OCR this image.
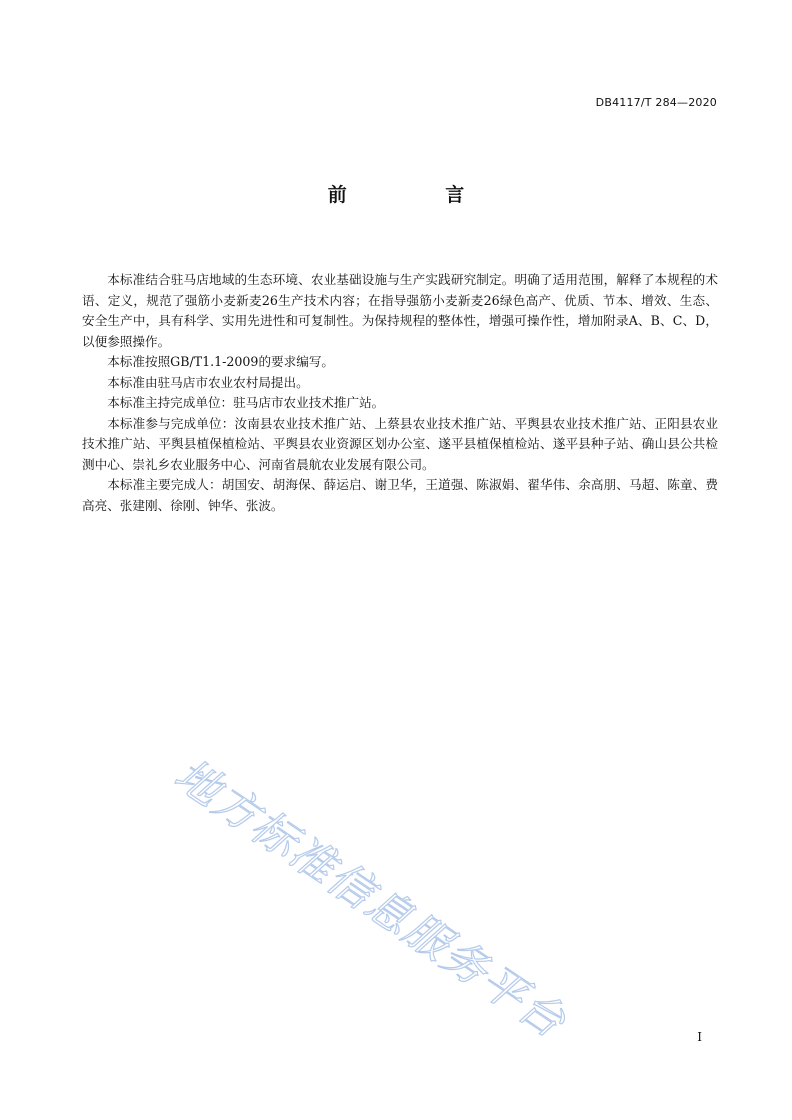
DB4117/T 284—2020
前 言

本标准结合驻马店地域的生态环境、农业基础设施与生产实践研究制定。明确了适用范围，解释了本规程的术语、定义，规范了强筋小麦新麦26生产技术内容；在指导强筋小麦新麦26绿色高产、优质、节本、增效、生态、安全生产中，具有科学、实用先进性和可复制性。为保持规程的整体性，增强可操作性，增加附录A、B、C、D，以便参照操作。

本标准按照GB/T1.1-2009的要求编写。

本标准由驻马店市农业农村局提出。

本标准主持完成单位：驻马店市农业技术推广站。

本标准参与完成单位：汝南县农业技术推广站、上蔡县农业技术推广站、平舆县农业技术推广站、正阳县农业技术推广站、平舆县植保植检站、平舆县农业资源区划办公室、遂平县植保植检站、遂平县种子站、确山县公共检测中心、崇礼乡农业服务中心、河南省晨航农业发展有限公司。

本标准主要完成人：胡国安、胡海保、薛运启、谢卫华，王道强、陈淑娟、翟华伟、余高朋、马超、陈童、费高亮、张建刚、徐刚、钟华、张波。

地方标准信息服务平台	I
